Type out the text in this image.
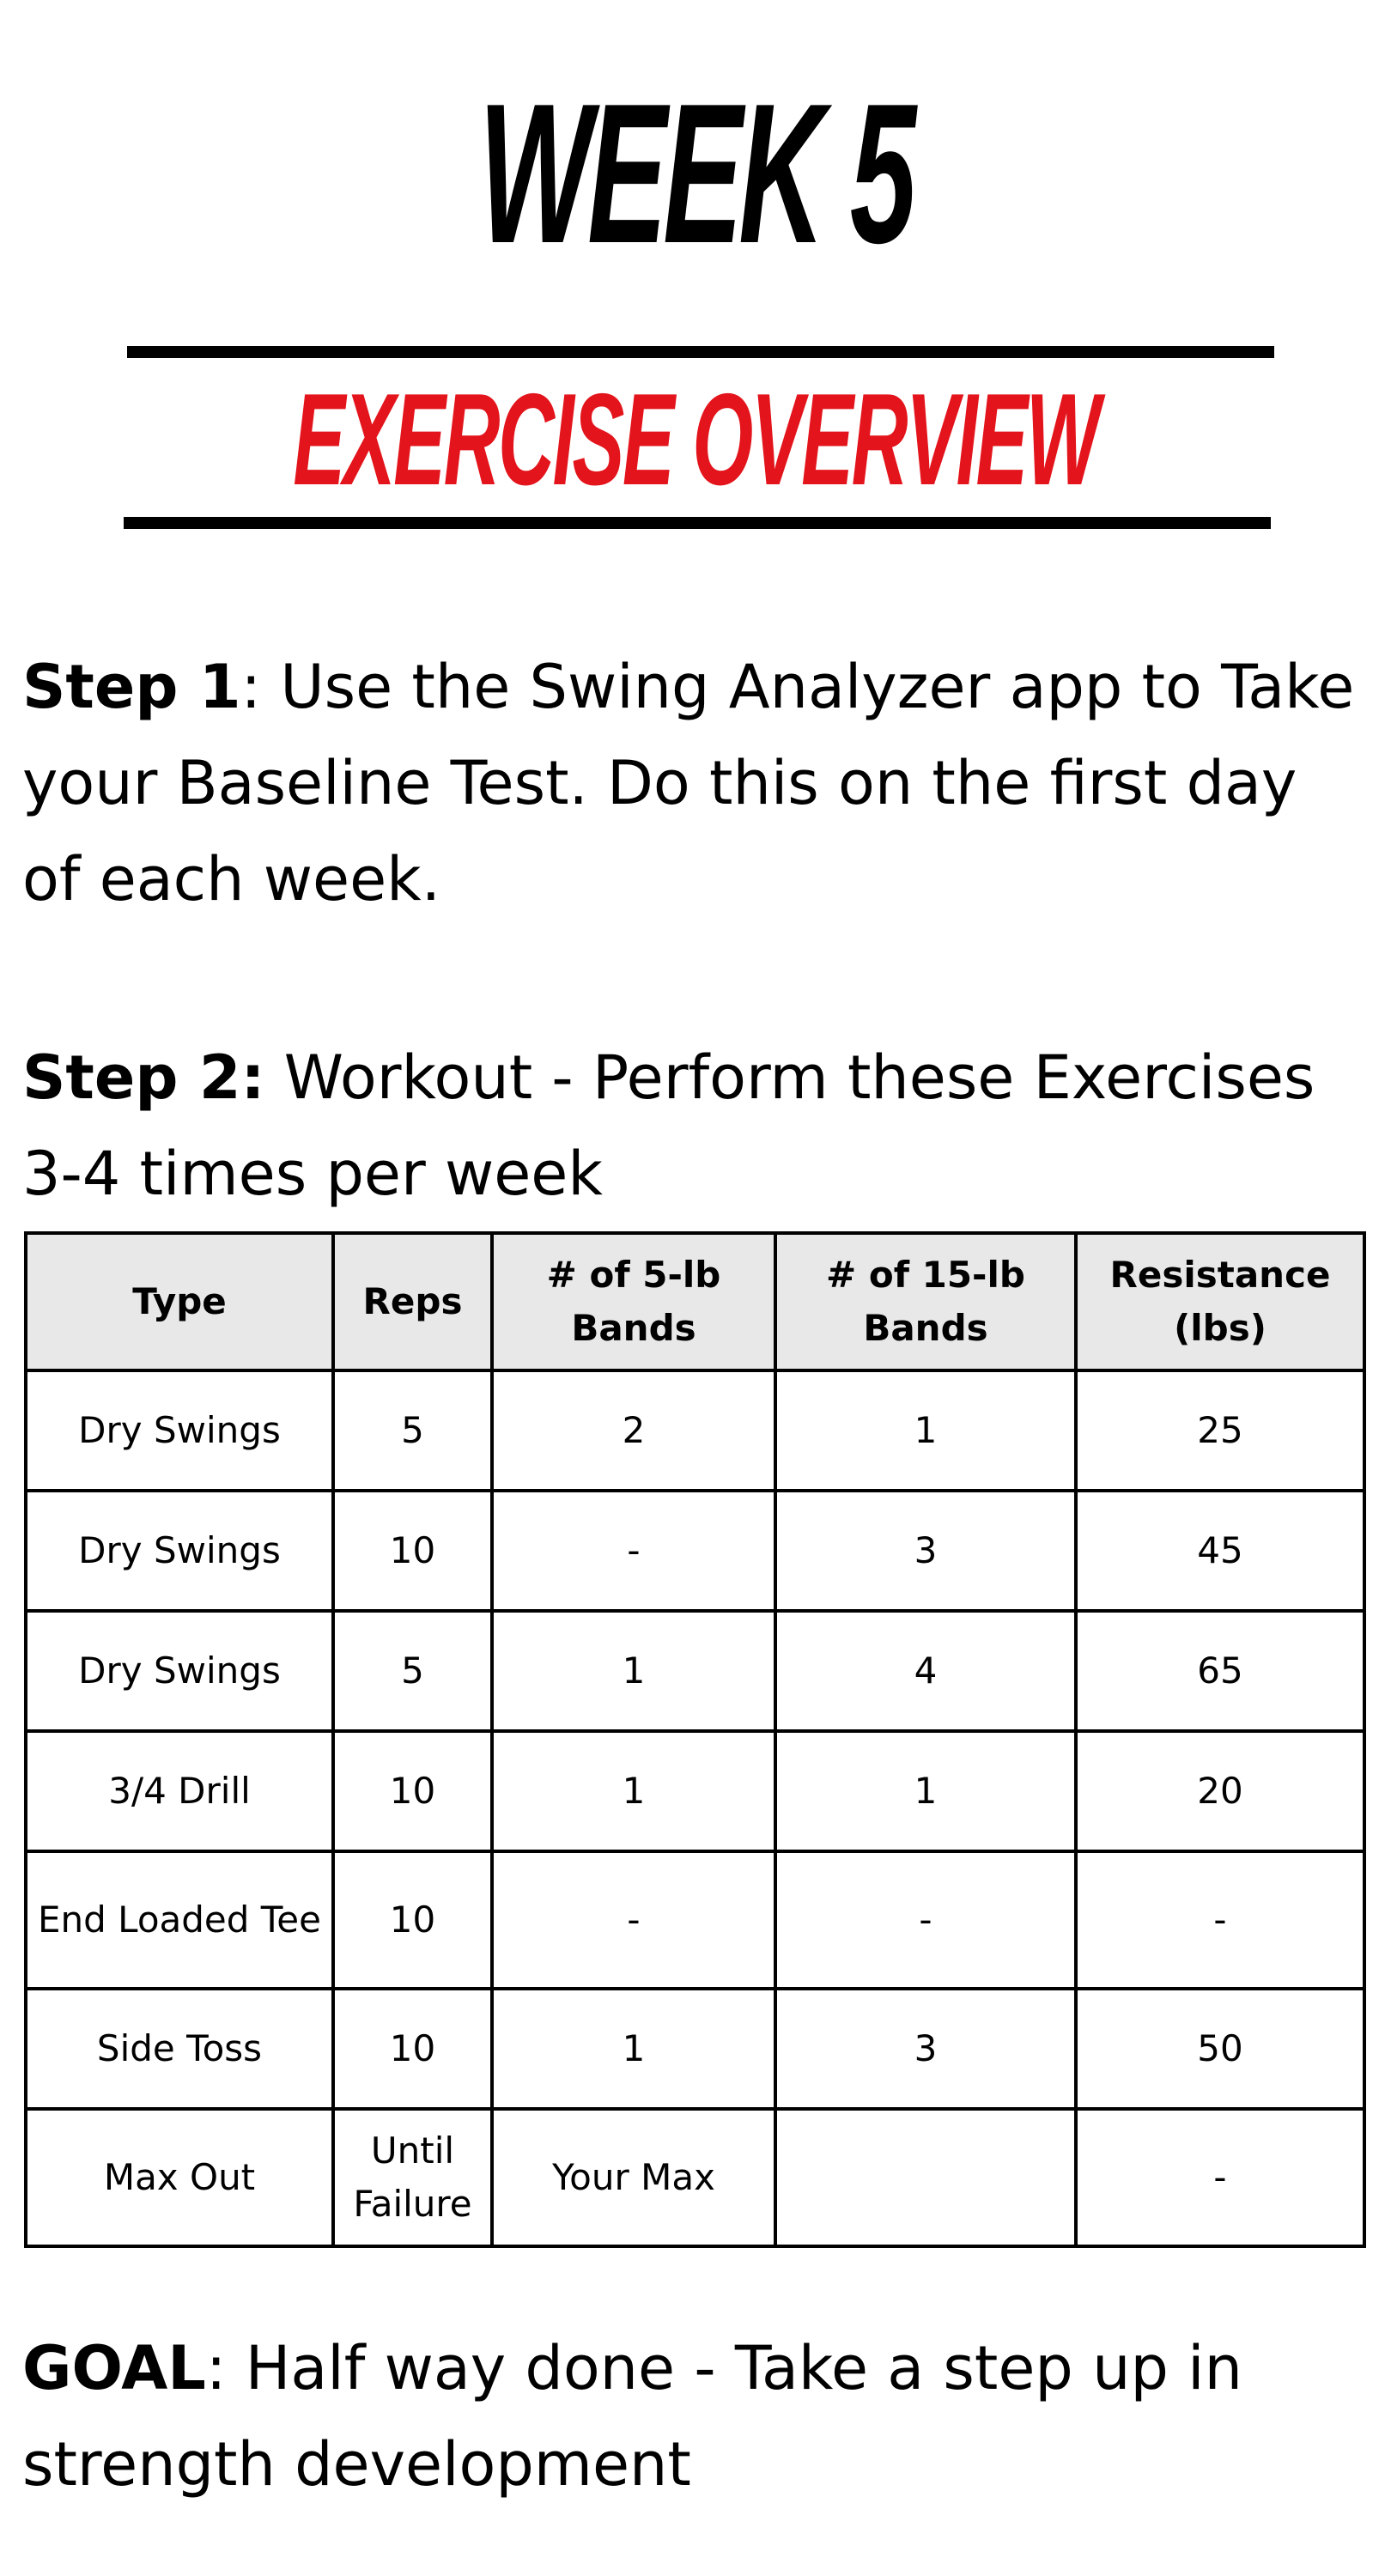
WEEK 5
EXERCISE OVERVIEW

Step 1: Use the Swing Analyzer app to Take your Baseline Test. Do this on the first day of each week.

Step 2: Workout - Perform these Exercises 3-4 times per week

Type	Reps	# of 5-lb Bands	# of 15-lb Bands	Resistance (lbs)
Dry Swings	5	2	1	25
Dry Swings	10	-	3	45
Dry Swings	5	1	4	65
3/4 Drill	10	1	1	20
End Loaded Tee	10	-	-	-
Side Toss	10	1	3	50
Max Out	Until Failure	Your Max		-

GOAL: Half way done - Take a step up in strength development
